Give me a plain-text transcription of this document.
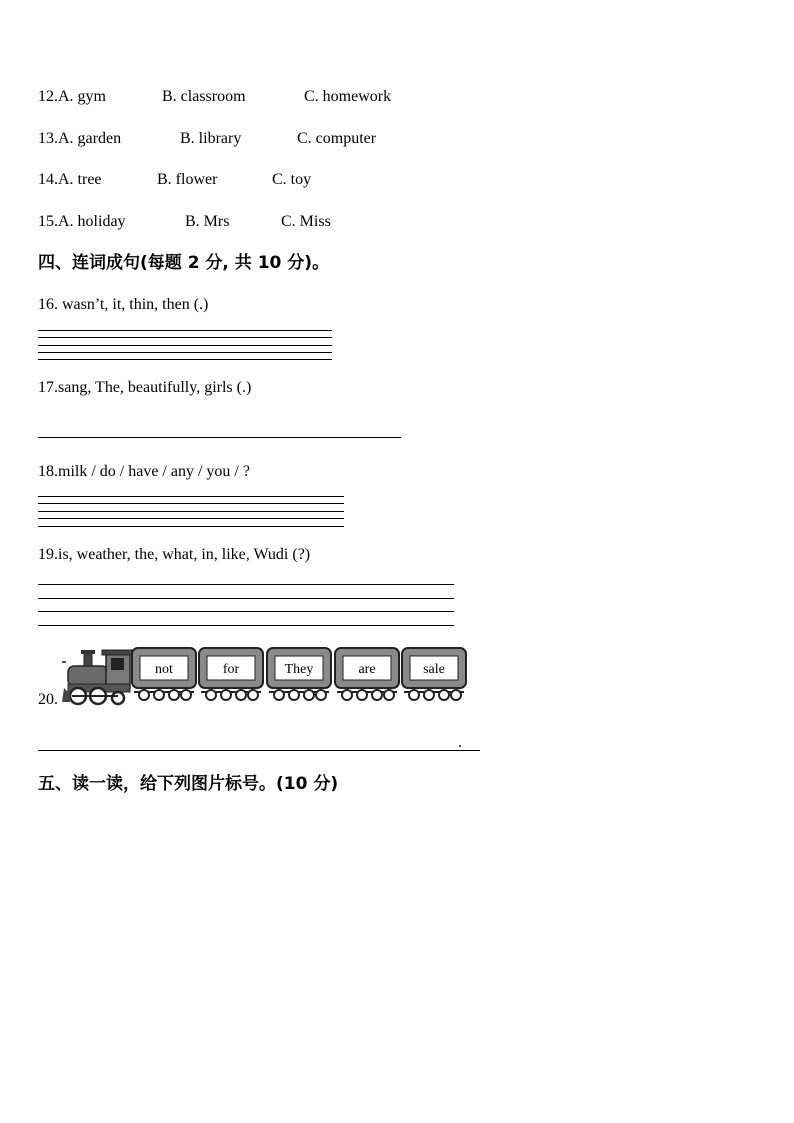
12.A. gym	B. classroom	C. homework
13.A. garden	B. library	C. computer
14.A. tree	B. flower	C. toy
15.A. holiday	B. Mrs	C. Miss
四、连词成句(每题 2 分, 共 10 分)。
16. wasn’t, it, thin, then (.)
17.sang, The, beautifully, girls (.)
18.milk / do / have / any / you / ?
19.is, weather, the, what, in, like, Wudi (?)
20.
not	for	They	are	sale
.
五、读一读，给下列图片标号。(10 分)
